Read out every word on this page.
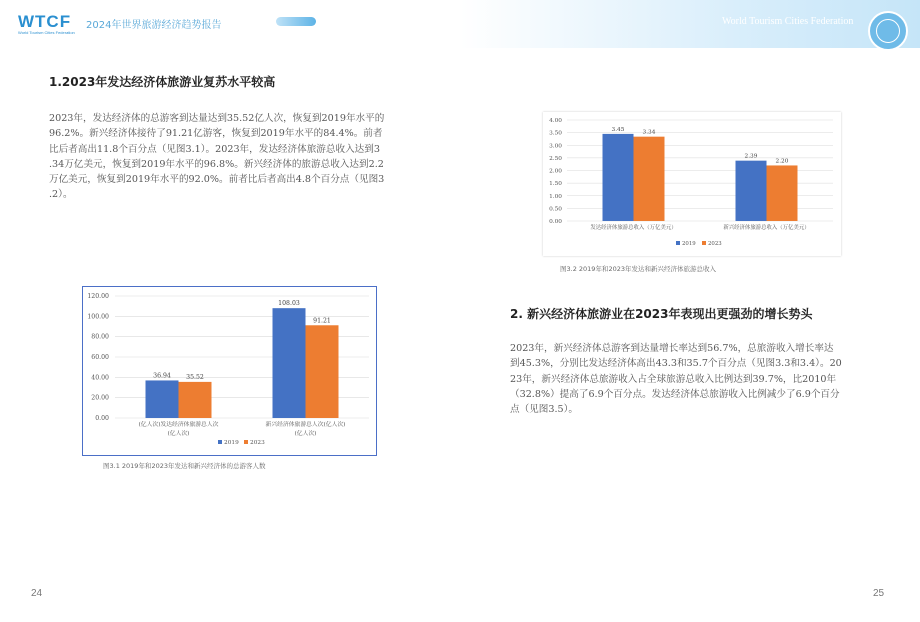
WTCF
World Tourism Cities Federation
2024年世界旅游经济趋势报告	World Tourism Cities Federation
1.2023年发达经济体旅游业复苏水平较高
2023年，发达经济体的总游客到达量达到35.52亿人次，恢复到2019年水平的
96.2%。新兴经济体接待了91.21亿游客，恢复到2019年水平的84.4%。前者
比后者高出11.8个百分点（见图3.1）。2023年，发达经济体旅游总收入达到3
.34万亿美元，恢复到2019年水平的96.8%。新兴经济体的旅游总收入达到2.2
万亿美元，恢复到2019年水平的92.0%。前者比后者高出4.8个百分点（见图3
.2）。
0.00
20.00
40.00
60.00
80.00
100.00
120.00
36.94 35.52
(亿人次)发达经济体旅游总人次
(亿人次)
108.03
91.21
新兴经济体旅游总人次(亿人次)
(亿人次)
2019 2023
图3.1 2019年和2023年发达和新兴经济体的总游客人数
24
0.00
0.50
1.00
1.50
2.00
2.50
3.00
3.50
4.00
3.45	3.34
发达经济体旅游总收入（万亿美元）
2.39
2.20
新兴经济体旅游总收入（万亿美元）
2019 2023
图3.2 2019年和2023年发达和新兴经济体旅游总收入
2. 新兴经济体旅游业在2023年表现出更强劲的增长势头
2023年，新兴经济体总游客到达量增长率达到56.7%，总旅游收入增长率达
到45.3%，分别比发达经济体高出43.3和35.7个百分点（见图3.3和3.4）。20
23年，新兴经济体总旅游收入占全球旅游总收入比例达到39.7%，比2010年
（32.8%）提高了6.9个百分点。发达经济体总旅游收入比例减少了6.9个百分
点（见图3.5）。
25
